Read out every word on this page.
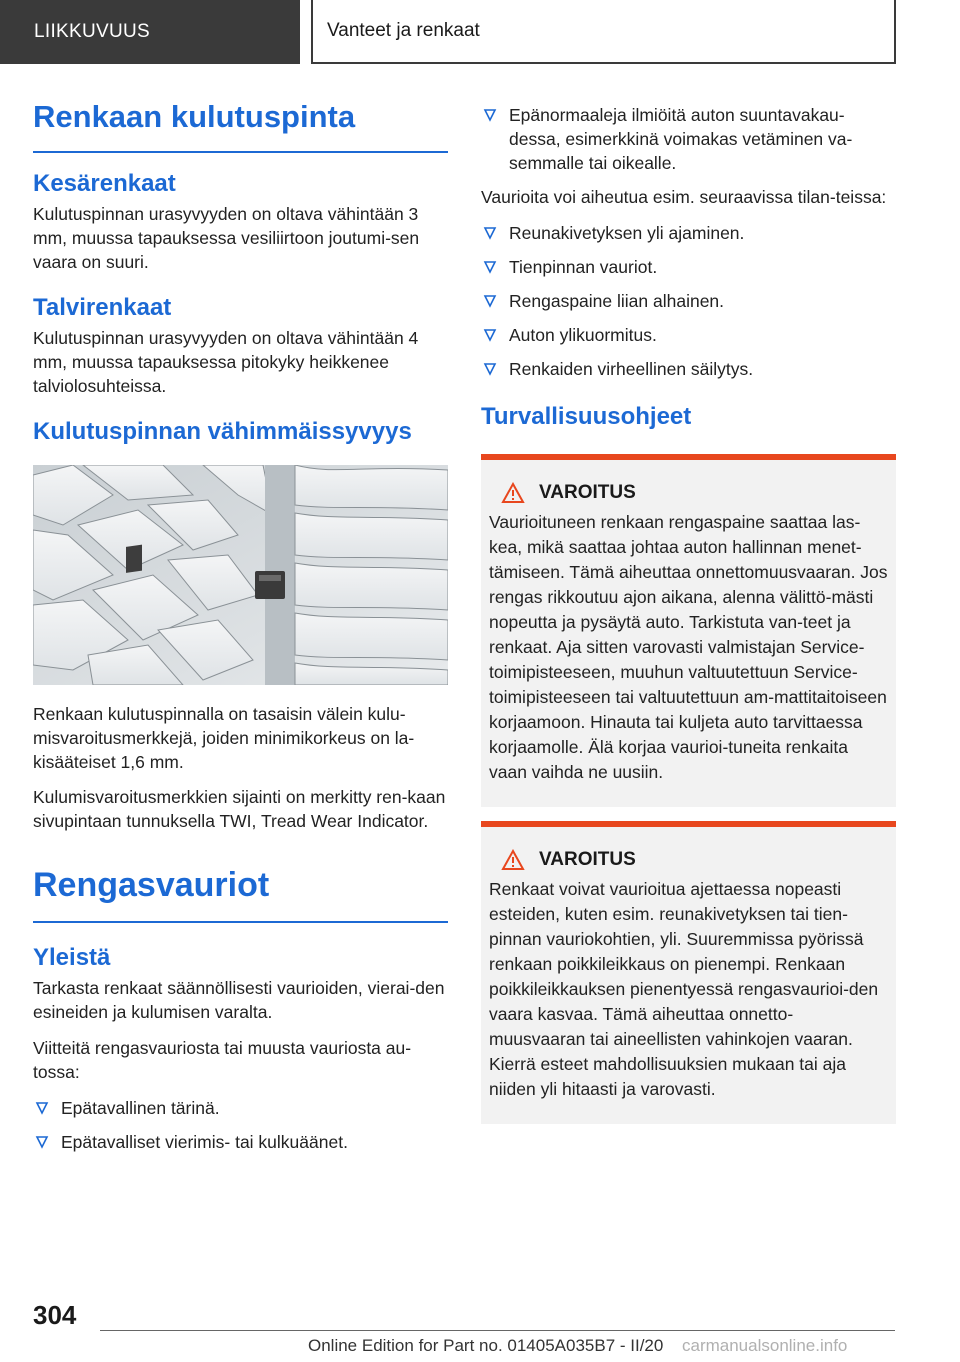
LIIKKUVUUS	Vanteet ja renkaat
Renkaan kulutuspinta
Kesärenkaat
Kulutuspinnan urasyvyyden on oltava vähintään 3 mm, muussa tapauksessa vesiliirtoon joutumi-sen vaara on suuri.
Talvirenkaat
Kulutuspinnan urasyvyyden on oltava vähintään 4 mm, muussa tapauksessa pitokyky heikkenee talviolosuhteissa.
Kulutuspinnan vähimmäissyvyys
Renkaan kulutuspinnalla on tasaisin välein kulu-misvaroitusmerkkejä, joiden minimikorkeus on la-kisääteiset 1,6 mm.
Kulumisvaroitusmerkkien sijainti on merkitty ren-kaan sivupintaan tunnuksella TWI, Tread Wear Indicator.
Rengasvauriot
Yleistä
Tarkasta renkaat säännöllisesti vaurioiden, vierai-den esineiden ja kulumisen varalta.
Viitteitä rengasvauriosta tai muusta vauriosta au-tossa:
Epätavallinen tärinä.
Epätavalliset vierimis- tai kulkuäänet.
Epänormaaleja ilmiöitä auton suuntavakau-dessa, esimerkkinä voimakas vetäminen va-semmalle tai oikealle.
Vaurioita voi aiheutua esim. seuraavissa tilan-teissa:
Reunakivetyksen yli ajaminen.
Tienpinnan vauriot.
Rengaspaine liian alhainen.
Auton ylikuormitus.
Renkaiden virheellinen säilytys.
Turvallisuusohjeet
VAROITUS
Vaurioituneen renkaan rengaspaine saattaa las-kea, mikä saattaa johtaa auton hallinnan menet-tämiseen. Tämä aiheuttaa onnettomuusvaaran. Jos rengas rikkoutuu ajon aikana, alenna välittö-mästi nopeutta ja pysäytä auto. Tarkistuta van-teet ja renkaat. Aja sitten varovasti valmistajan Service-toimipisteeseen, muuhun valtuutettuun Service-toimipisteeseen tai valtuutettuun am-mattitaitoiseen korjaamoon. Hinauta tai kuljeta auto tarvittaessa korjaamolle. Älä korjaa vaurioi-tuneita renkaita vaan vaihda ne uusiin.
VAROITUS
Renkaat voivat vaurioitua ajettaessa nopeasti esteiden, kuten esim. reunakivetyksen tai tien-pinnan vauriokohtien, yli. Suuremmissa pyörissä renkaan poikkileikkaus on pienempi. Renkaan poikkileikkauksen pienentyessä rengasvaurioi-den vaara kasvaa. Tämä aiheuttaa onnetto-muusvaaran tai aineellisten vahinkojen vaaran. Kierrä esteet mahdollisuuksien mukaan tai aja niiden yli hitaasti ja varovasti.
304
Online Edition for Part no. 01405A035B7 - II/20 carmanualsonline.info
